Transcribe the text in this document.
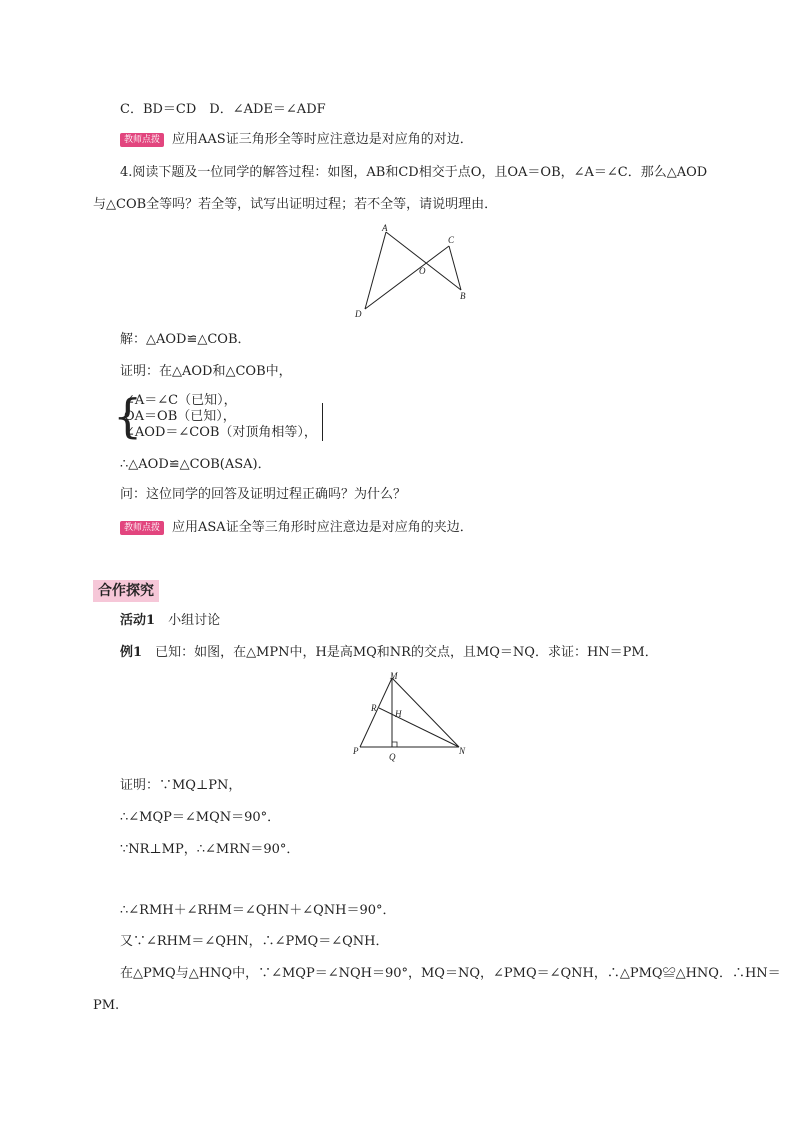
C．BD＝CD　D．∠ADE＝∠ADF
教师点拨 应用AAS证三角形全等时应注意边是对应角的对边．
4.阅读下题及一位同学的解答过程：如图，AB和CD相交于点O，且OA＝OB，∠A＝∠C．那么△AOD
与△COB全等吗？若全等，试写出证明过程；若不全等，请说明理由．
A
C
O
B
D
解：△AOD≌△COB．
证明：在△AOD和△COB中，
{
∠A＝∠C（已知），
OA＝OB（已知），
∠AOD＝∠COB（对顶角相等），
∴△AOD≌△COB(ASA)．
问：这位同学的回答及证明过程正确吗？为什么？
教师点拨 应用ASA证全等三角形时应注意边是对应角的夹边．
合作探究
活动1　 小组讨论
例1　 已知：如图，在△MPN中，H是高MQ和NR的交点，且MQ＝NQ．求证：HN＝PM．
M
R
H
P
Q
N
证明：∵MQ⊥PN，
∴∠MQP＝∠MQN＝90°．
∵NR⊥MP，∴∠MRN＝90°．
∴∠RMH＋∠RHM＝∠QHN＋∠QNH＝90°．
又∵∠RHM＝∠QHN，∴∠PMQ＝∠QNH．
在△PMQ与△HNQ中，∵∠MQP＝∠NQH＝90°，MQ＝NQ，∠PMQ＝∠QNH，∴△PMQ≌△HNQ．∴HN＝
PM.
